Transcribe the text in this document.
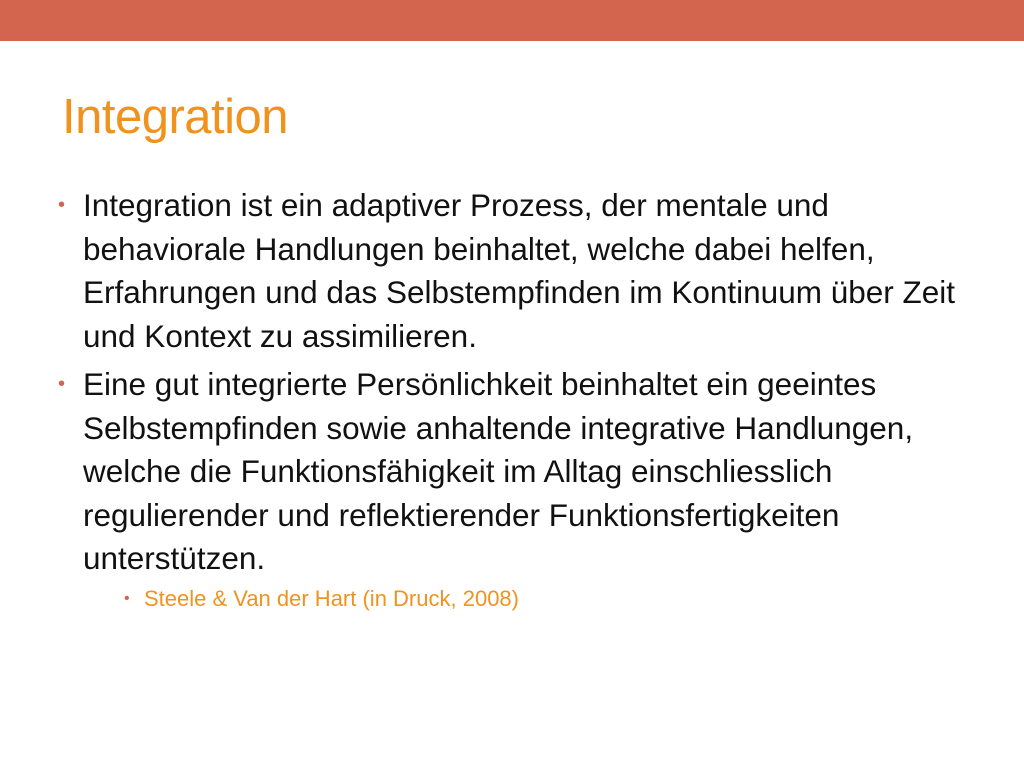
Integration
• Integration ist ein adaptiver Prozess, der mentale und behaviorale Handlungen beinhaltet, welche dabei helfen, Erfahrungen und das Selbstempfinden im Kontinuum über Zeit und Kontext zu assimilieren.
• Eine gut integrierte Persönlichkeit beinhaltet ein geeintes Selbstempfinden sowie anhaltende integrative Handlungen, welche die Funktionsfähigkeit im Alltag einschliesslich regulierender und reflektierender Funktionsfertigkeiten unterstützen.
• Steele & Van der Hart (in Druck, 2008)
